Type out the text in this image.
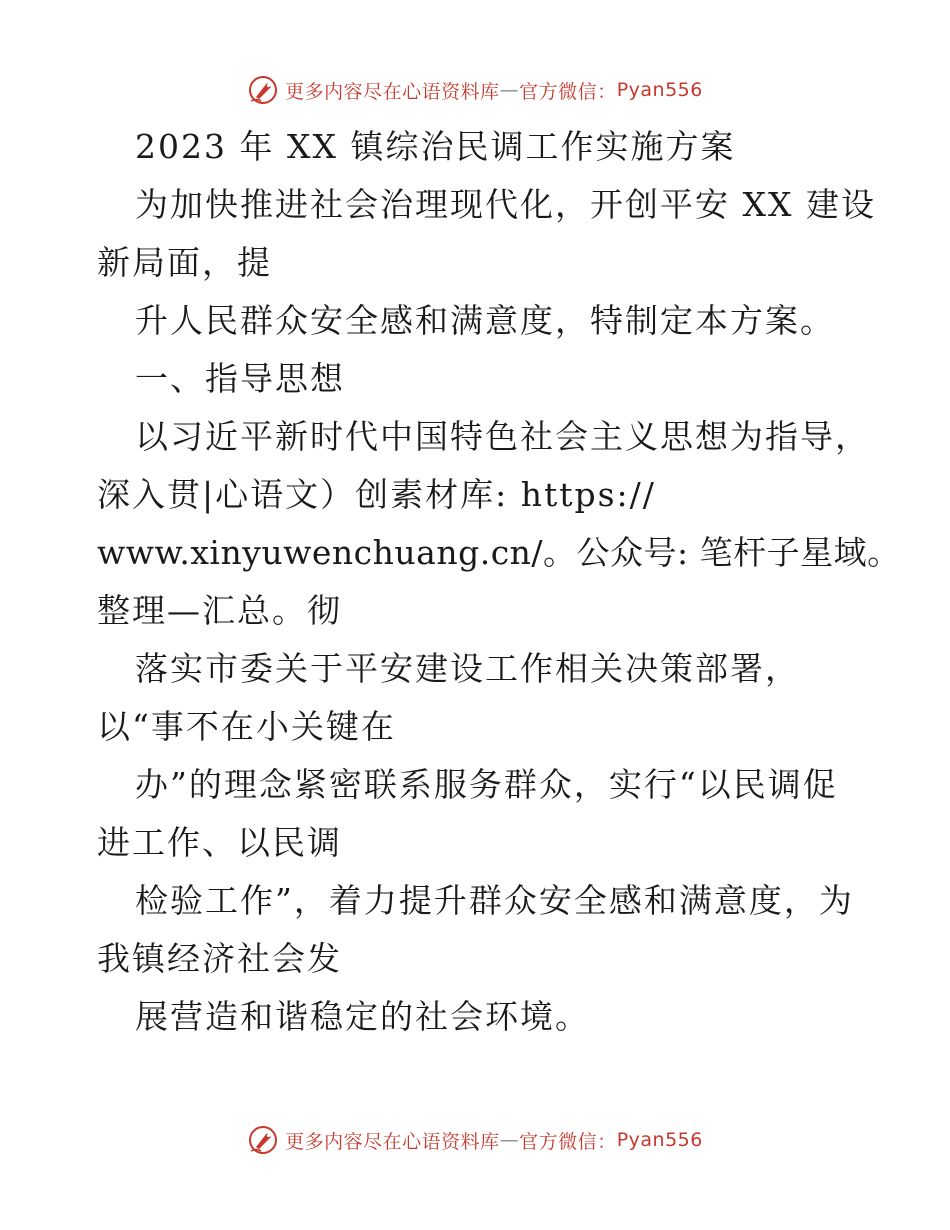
更多内容尽在心语资料库 — 官方微信： Pyan556
2023 年 XX 镇综治民调工作实施方案
为加快推进社会治理现代化，开创平安 XX 建设
新局面，提
升人民群众安全感和满意度，特制定本方案。
一、指导思想
以习近平新时代中国特色社会主义思想为指导，
深入贯|心语文）创素材库: https://
www.xinyuwenchuang.cn/。公众号: 笔杆子星域。
整理—汇总。彻
落实市委关于平安建设工作相关决策部署，
以“事不在小关键在
办”的理念紧密联系服务群众，实行“以民调促
进工作、以民调
检验工作”，着力提升群众安全感和满意度，为
我镇经济社会发
展营造和谐稳定的社会环境。
更多内容尽在心语资料库 — 官方微信： Pyan556
